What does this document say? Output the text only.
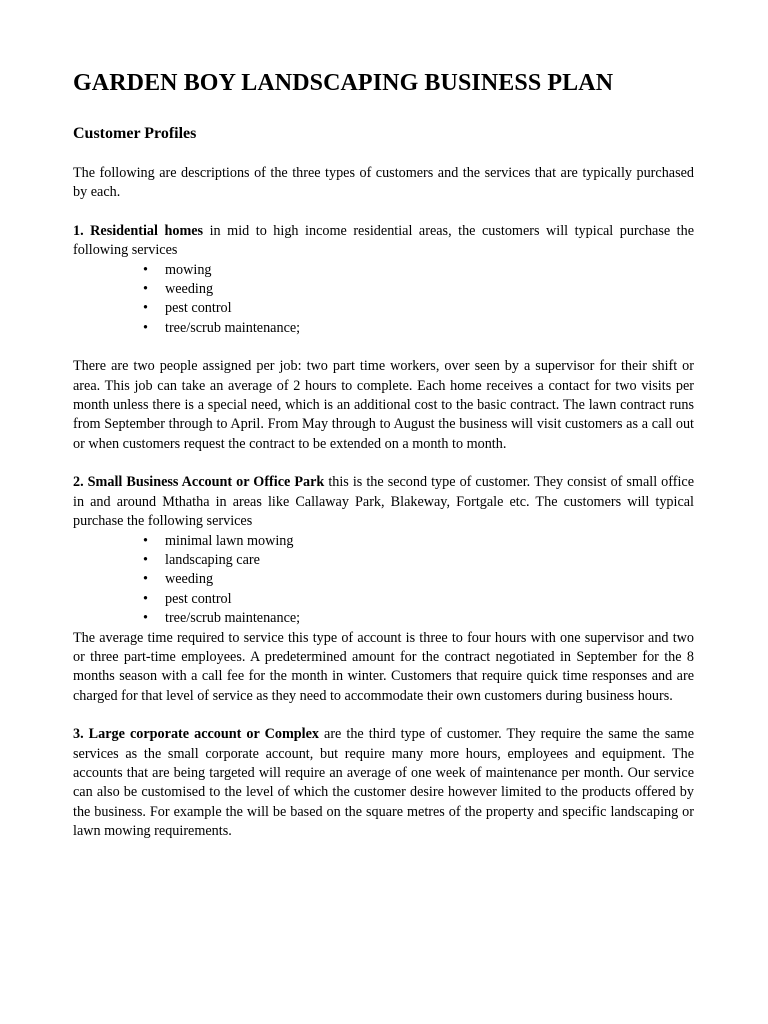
GARDEN BOY LANDSCAPING BUSINESS PLAN
Customer Profiles

The following are descriptions of the three types of customers and the services that are typically purchased by each.

1. Residential homes in mid to high income residential areas, the customers will typical purchase the following services

• mowing
• weeding
• pest control
• tree/scrub maintenance;

There are two people assigned per job: two part time workers, over seen by a supervisor for their shift or area. This job can take an average of 2 hours to complete. Each home receives a contact for two visits per month unless there is a special need, which is an additional cost to the basic contract. The lawn contract runs from September through to April. From May through to August the business will visit customers as a call out or when customers request the contract to be extended on a month to month.

2. Small Business Account or Office Park this is the second type of customer. They consist of small office in and around Mthatha in areas like Callaway Park, Blakeway, Fortgale etc. The customers will typical purchase the following services

• minimal lawn mowing
• landscaping care
• weeding
• pest control
• tree/scrub maintenance;

The average time required to service this type of account is three to four hours with one supervisor and two or three part-time employees. A predetermined amount for the contract negotiated in September for the 8 months season with a call fee for the month in winter. Customers that require quick time responses and are charged for that level of service as they need to accommodate their own customers during business hours.

3. Large corporate account or Complex are the third type of customer. They require the same the same services as the small corporate account, but require many more hours, employees and equipment. The accounts that are being targeted will require an average of one week of maintenance per month. Our service can also be customised to the level of which the customer desire however limited to the products offered by the business. For example the will be based on the square metres of the property and specific landscaping or lawn mowing requirements.
